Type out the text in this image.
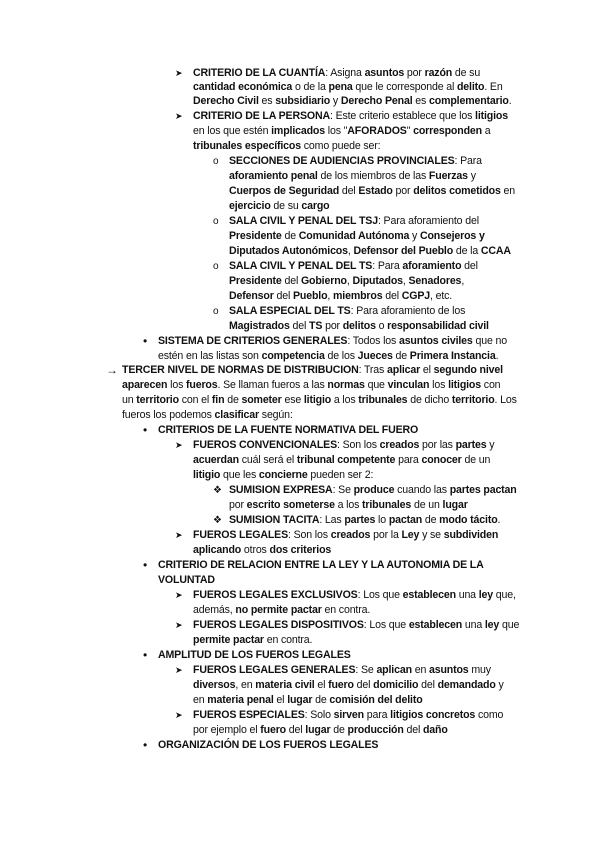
➤ CRITERIO DE LA CUANTÍA: Asigna asuntos por razón de su
cantidad económica o de la pena que le corresponde al delito. En
Derecho Civil es subsidiario y Derecho Penal es complementario.
➤ CRITERIO DE LA PERSONA: Este criterio establece que los litigios
en los que estén implicados los "AFORADOS" corresponden a
tribunales específicos como puede ser:
o SECCIONES DE AUDIENCIAS PROVINCIALES: Para
aforamiento penal de los miembros de las Fuerzas y
Cuerpos de Seguridad del Estado por delitos cometidos en
ejercicio de su cargo
o SALA CIVIL Y PENAL DEL TSJ: Para aforamiento del
Presidente de Comunidad Autónoma y Consejeros y
Diputados Autonómicos, Defensor del Pueblo de la CCAA
o SALA CIVIL Y PENAL DEL TS: Para aforamiento del
Presidente del Gobierno, Diputados, Senadores,
Defensor del Pueblo, miembros del CGPJ, etc.
o SALA ESPECIAL DEL TS: Para aforamiento de los
Magistrados del TS por delitos o responsabilidad civil
• SISTEMA DE CRITERIOS GENERALES: Todos los asuntos civiles que no
estén en las listas son competencia de los Jueces de Primera Instancia.
→ TERCER NIVEL DE NORMAS DE DISTRIBUCION: Tras aplicar el segundo nivel
aparecen los fueros. Se llaman fueros a las normas que vinculan los litigios con
un territorio con el fin de someter ese litigio a los tribunales de dicho territorio. Los
fueros los podemos clasificar según:
• CRITERIOS DE LA FUENTE NORMATIVA DEL FUERO
➤ FUEROS CONVENCIONALES: Son los creados por las partes y
acuerdan cuál será el tribunal competente para conocer de un
litigio que les concierne pueden ser 2:
❖ SUMISION EXPRESA: Se produce cuando las partes pactan
por escrito someterse a los tribunales de un lugar
❖ SUMISION TACITA: Las partes lo pactan de modo tácito.
➤ FUEROS LEGALES: Son los creados por la Ley y se subdividen
aplicando otros dos criterios
• CRITERIO DE RELACION ENTRE LA LEY Y LA AUTONOMIA DE LA
VOLUNTAD
➤ FUEROS LEGALES EXCLUSIVOS: Los que establecen una ley que,
además, no permite pactar en contra.
➤ FUEROS LEGALES DISPOSITIVOS: Los que establecen una ley que
permite pactar en contra.
• AMPLITUD DE LOS FUEROS LEGALES
➤ FUEROS LEGALES GENERALES: Se aplican en asuntos muy
diversos, en materia civil el fuero del domicilio del demandado y
en materia penal el lugar de comisión del delito
➤ FUEROS ESPECIALES: Solo sirven para litigios concretos como
por ejemplo el fuero del lugar de producción del daño
• ORGANIZACIÓN DE LOS FUEROS LEGALES
